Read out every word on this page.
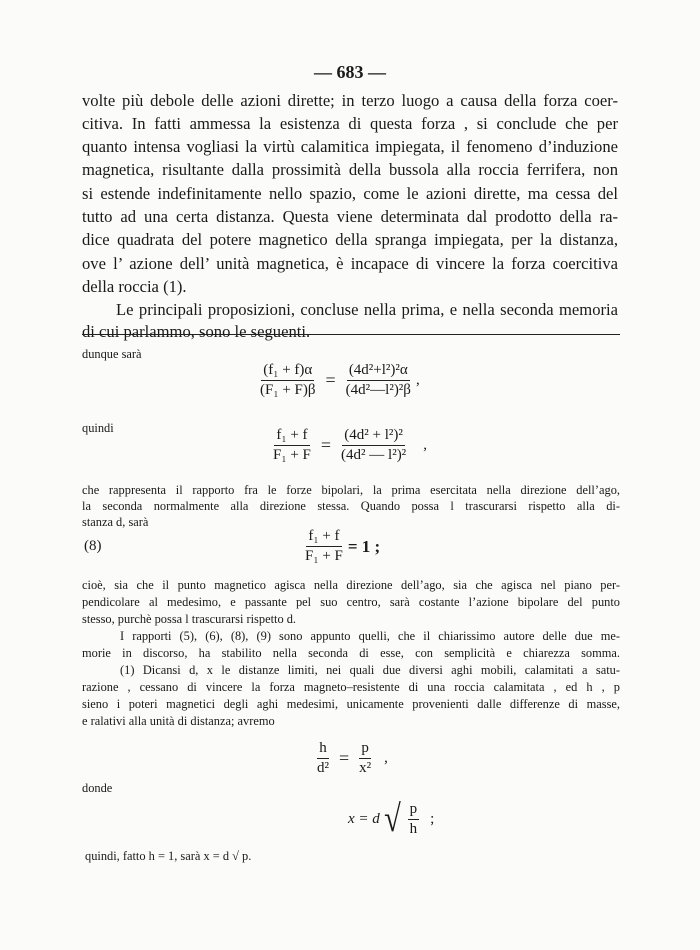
— 683 —
volte più debole delle azioni dirette; in terzo luogo a causa della forza coer-
citiva. In fatti ammessa la esistenza di questa forza , si conclude che per
quanto intensa vogliasi la virtù calamitica impiegata, il fenomeno d’induzione
magnetica, risultante dalla prossimità della bussola alla roccia ferrifera, non
si estende indefinitamente nello spazio, come le azioni dirette, ma cessa del
tutto ad una certa distanza. Questa viene determinata dal prodotto della ra-
dice quadrata del potere magnetico della spranga impiegata, per la distanza,
ove l’ azione dell’ unità magnetica, è incapace di vincere la forza coercitiva
della roccia (1).
Le principali proposizioni, concluse nella prima, e nella seconda memoria
di cui parlammo, sono le seguenti.
dunque sarà
$\frac{\text{(f₁ + f)α}}{\text{(F₁ + F)β}} = \frac{\text{(4d²+l²)²α}}{\text{(4d²—l²)²β}}$ ,
quindi	$\frac{\text{f₁ + f}}{\text{F₁ + F}} = \frac{\text{(4d² + l²)²}}{\text{(4d² — l²)²}}$ ,
che rappresenta il rapporto fra le forze bipolari, la prima esercitata nella direzione dell’ago,
la seconda normalmente alla direzione stessa. Quando possa l trascurarsi rispetto alla di-
stanza d, sarà
(8)	$\frac{\text{f₁ + f}}{\text{F₁ + F}} = 1$ ;
cioè, sia che il punto magnetico agisca nella direzione dell’ago, sia che agisca nel piano per-
pendicolare al medesimo, e passante pel suo centro, sarà costante l’azione bipolare del punto
stesso, purchè possa l trascurarsi rispetto d.
I rapporti (5), (6), (8), (9) sono appunto quelli, che il chiarissimo autore delle due me-
morie in discorso, ha stabilito nella seconda di esse, con semplicità e chiarezza somma.
(1) Dicansi d, x le distanze limiti, nei quali due diversi aghi mobili, calamitati a satu-
razione , cessano di vincere la forza magneto–resistente di una roccia calamitata , ed h , p
sieno i poteri magnetici degli aghi medesimi, unicamente provenienti dalle differenze di masse,
e ralativi alla unità di distanza; avremo
$\frac{h}{\text{d²}} = \frac{p}{\text{x²}}$ ,
donde
x = d √ $\frac{p}{h}$ ;
quindi, fatto h = 1, sarà x = d √ p.
